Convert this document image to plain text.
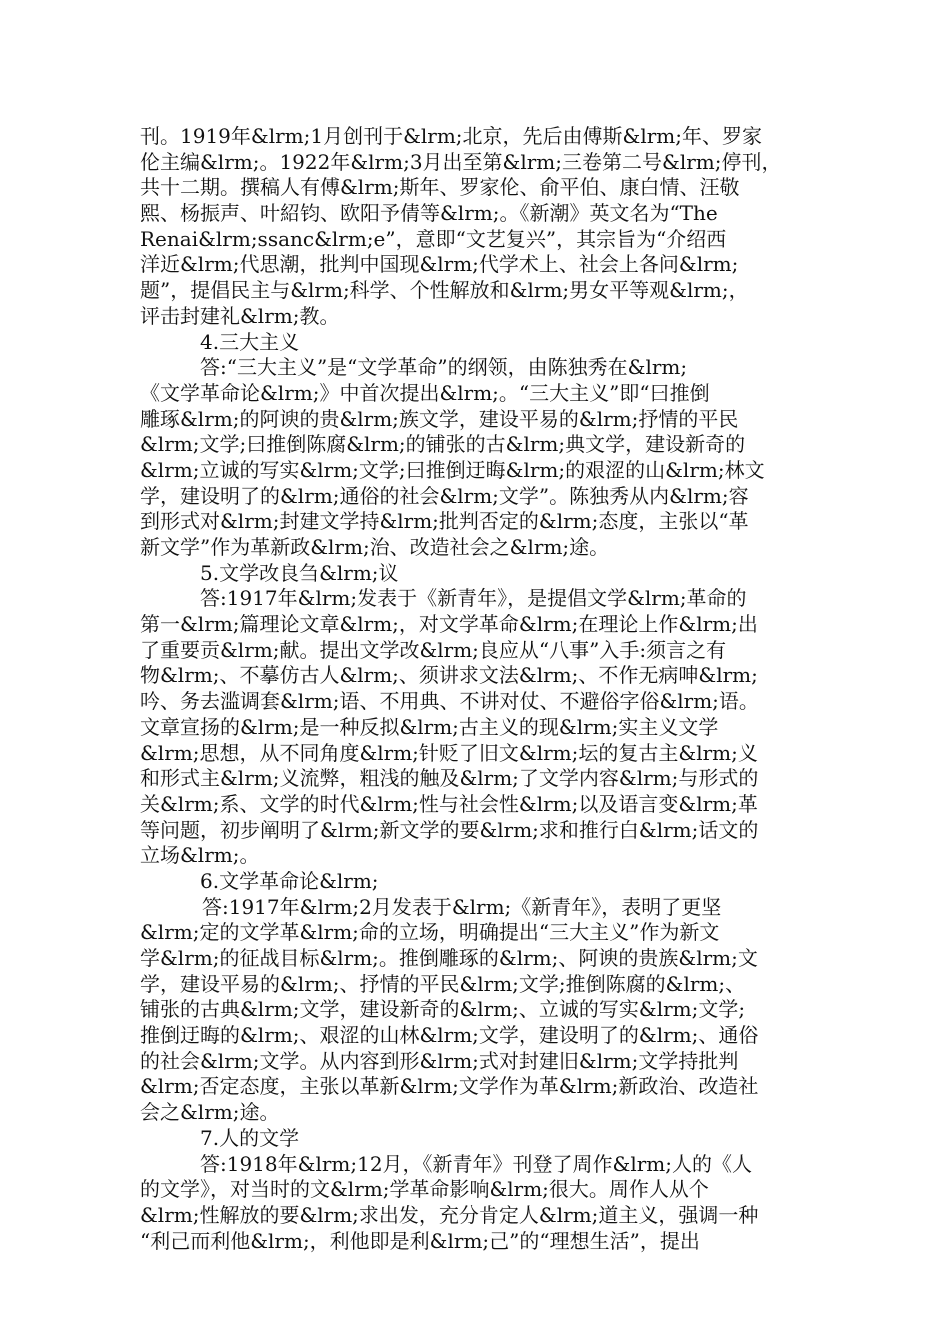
刊。1919年&lrm;1月创刊于&lrm;北京，先后由傅斯&lrm;年、罗家
伦主编&lrm;。1922年&lrm;3月出至第&lrm;三卷第二号&lrm;停刊，
共十二期。撰稿人有傅&lrm;斯年、罗家伦、俞平伯、康白情、汪敬
熙、杨振声、叶紹钧、欧阳予倩等&lrm;。《新潮》英文名为“The
Renai&lrm;ssanc&lrm;e”，意即“文艺复兴”，其宗旨为“介绍西
洋近&lrm;代思潮，批判中国现&lrm;代学术上、社会上各问&lrm;
题”，提倡民主与&lrm;科学、个性解放和&lrm;男女平等观&lrm;，
评击封建礼&lrm;教。
4.三大主义
答:“三大主义”是“文学革命”的纲领，由陈独秀在&lrm;
《文学革命论&lrm;》中首次提出&lrm;。“三大主义”即“曰推倒
雕琢&lrm;的阿谀的贵&lrm;族文学，建设平易的&lrm;抒情的平民
&lrm;文学;曰推倒陈腐&lrm;的铺张的古&lrm;典文学，建设新奇的
&lrm;立诚的写实&lrm;文学;曰推倒迂晦&lrm;的艰涩的山&lrm;林文
学，建设明了的&lrm;通俗的社会&lrm;文学”。陈独秀从内&lrm;容
到形式对&lrm;封建文学持&lrm;批判否定的&lrm;态度，主张以“革
新文学”作为革新政&lrm;治、改造社会之&lrm;途。
5.文学改良刍&lrm;议
答:1917年&lrm;发表于《新青年》，是提倡文学&lrm;革命的
第一&lrm;篇理论文章&lrm;，对文学革命&lrm;在理论上作&lrm;出
了重要贡&lrm;献。提出文学改&lrm;良应从“八事”入手:须言之有
物&lrm;、不摹仿古人&lrm;、须讲求文法&lrm;、不作无病呻&lrm;
吟、务去滥调套&lrm;语、不用典、不讲对仗、不避俗字俗&lrm;语。
文章宣扬的&lrm;是一种反拟&lrm;古主义的现&lrm;实主义文学
&lrm;思想，从不同角度&lrm;针贬了旧文&lrm;坛的复古主&lrm;义
和形式主&lrm;义流弊，粗浅的触及&lrm;了文学内容&lrm;与形式的
关&lrm;系、文学的时代&lrm;性与社会性&lrm;以及语言变&lrm;革
等问题，初步阐明了&lrm;新文学的要&lrm;求和推行白&lrm;话文的
立场&lrm;。
6.文学革命论&lrm;
答:1917年&lrm;2月发表于&lrm;《新青年》，表明了更坚
&lrm;定的文学革&lrm;命的立场，明确提出“三大主义”作为新文
学&lrm;的征战目标&lrm;。推倒雕琢的&lrm;、阿谀的贵族&lrm;文
学，建设平易的&lrm;、抒情的平民&lrm;文学;推倒陈腐的&lrm;、
铺张的古典&lrm;文学，建设新奇的&lrm;、立诚的写实&lrm;文学;
推倒迂晦的&lrm;、艰涩的山林&lrm;文学，建设明了的&lrm;、通俗
的社会&lrm;文学。从内容到形&lrm;式对封建旧&lrm;文学持批判
&lrm;否定态度，主张以革新&lrm;文学作为革&lrm;新政治、改造社
会之&lrm;途。
7.人的文学
答:1918年&lrm;12月，《新青年》刊登了周作&lrm;人的《人
的文学》，对当时的文&lrm;学革命影响&lrm;很大。周作人从个
&lrm;性解放的要&lrm;求出发，充分肯定人&lrm;道主义，强调一种
“利己而利他&lrm;，利他即是利&lrm;己”的“理想生活”，提出
